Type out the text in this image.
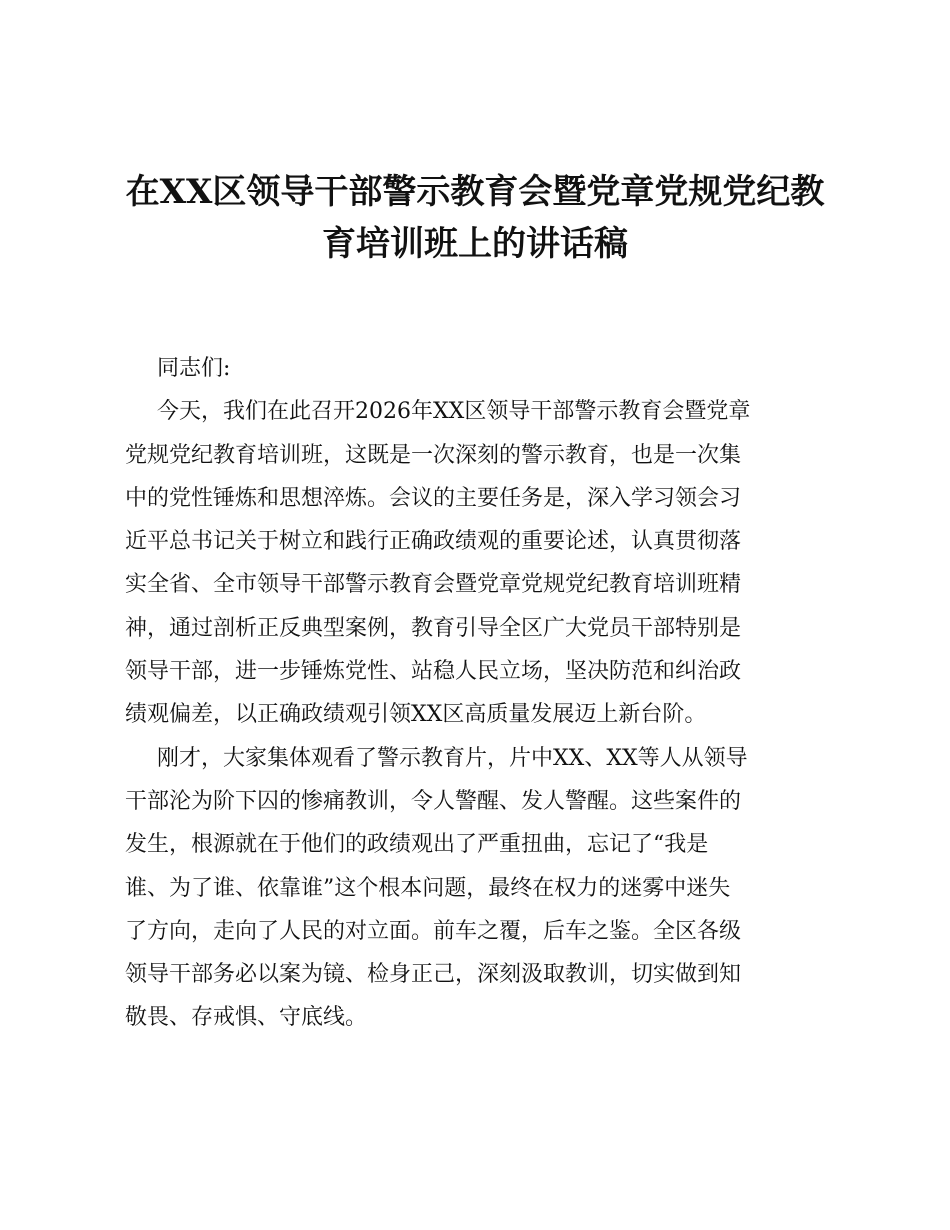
在XX区领导干部警示教育会暨党章党规党纪教
育培训班上的讲话稿
同志们:
今天，我们在此召开2026年XX区领导干部警示教育会暨党章
党规党纪教育培训班，这既是一次深刻的警示教育，也是一次集
中的党性锤炼和思想淬炼。会议的主要任务是，深入学习领会习
近平总书记关于树立和践行正确政绩观的重要论述，认真贯彻落
实全省、全市领导干部警示教育会暨党章党规党纪教育培训班精
神，通过剖析正反典型案例，教育引导全区广大党员干部特别是
领导干部，进一步锤炼党性、站稳人民立场，坚决防范和纠治政
绩观偏差，以正确政绩观引领XX区高质量发展迈上新台阶。
刚才，大家集体观看了警示教育片，片中XX、XX等人从领导
干部沦为阶下囚的惨痛教训，令人警醒、发人警醒。这些案件的
发生，根源就在于他们的政绩观出了严重扭曲，忘记了“我是
谁、为了谁、依靠谁”这个根本问题，最终在权力的迷雾中迷失
了方向，走向了人民的对立面。前车之覆，后车之鉴。全区各级
领导干部务必以案为镜、检身正己，深刻汲取教训，切实做到知
敬畏、存戒惧、守底线。
